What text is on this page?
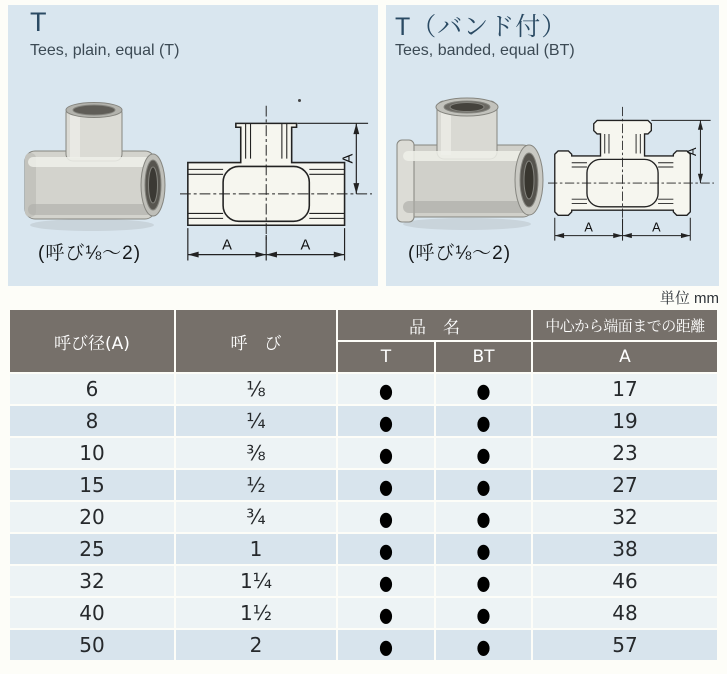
T
Tees, plain, equal (T)
(呼び⅛～2)	A	A
A
T（バンド付）
Tees, banded, equal (BT)
(呼び⅛～2)
A	A
A
単位 mm
呼び径(A)	呼　び	品　名		中心から端面までの距離
		T	BT	A
6	⅛	●	●	17
8	¼	●	●	19
10	⅜	●	●	23
15	½	●	●	27
20	¾	●	●	32
25	1	●	●	38
32	1¼	●	●	46
40	1½	●	●	48
50	2	●	●	57
